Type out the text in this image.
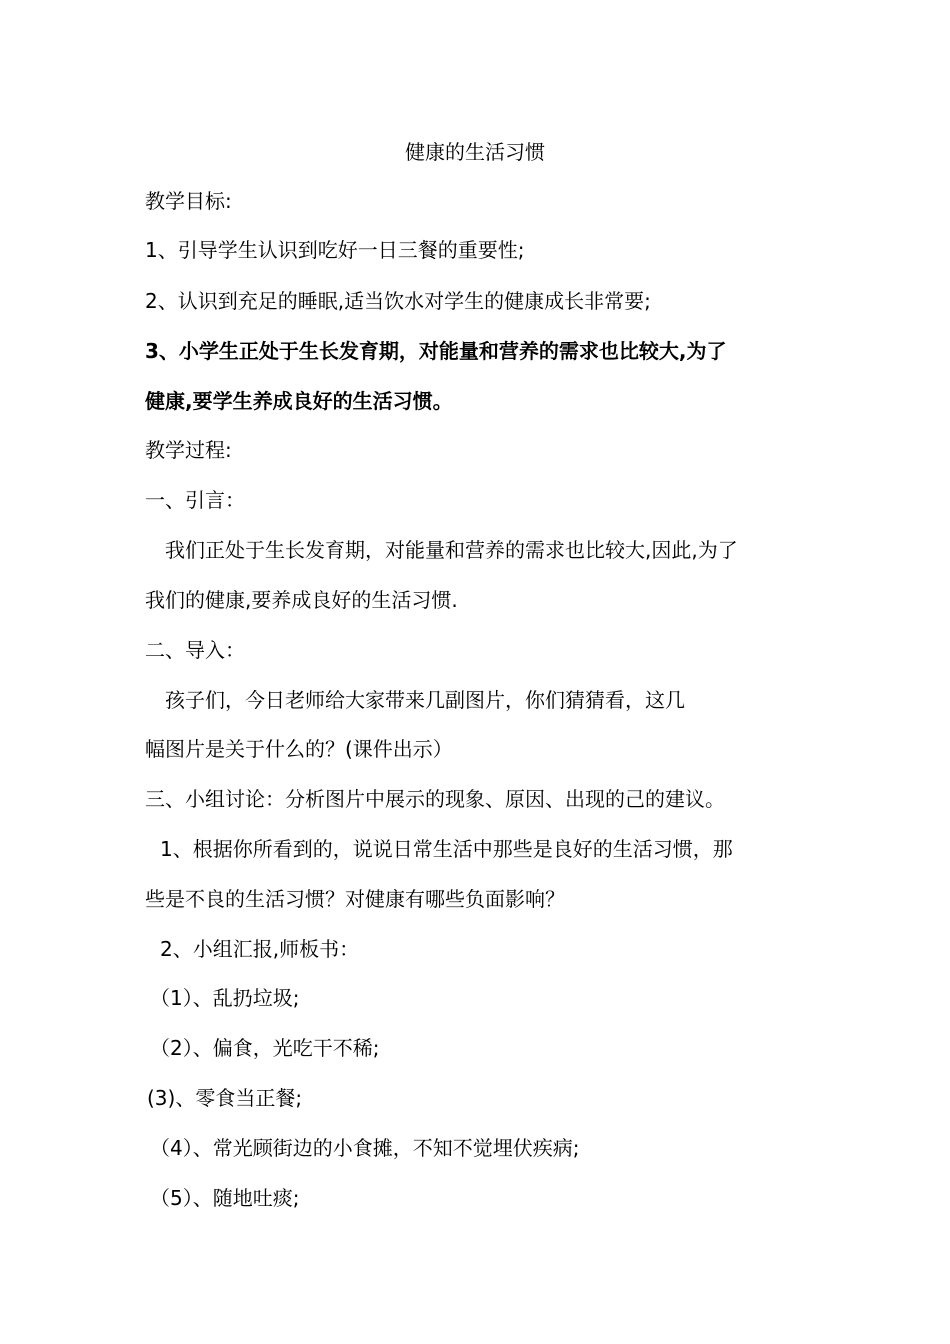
健康的生活习惯
教学目标:
1、引导学生认识到吃好一日三餐的重要性;
2、认识到充足的睡眠,适当饮水对学生的健康成长非常要;
3、小学生正处于生长发育期，对能量和营养的需求也比较大,为了
健康,要学生养成良好的生活习惯。
教学过程:
一、引言：
我们正处于生长发育期，对能量和营养的需求也比较大,因此,为了
我们的健康,要养成良好的生活习惯.
二、导入：
孩子们，今日老师给大家带来几副图片，你们猜猜看，这几
幅图片是关于什么的？(课件出示）
三、小组讨论：分析图片中展示的现象、原因、出现的己的建议。
1、根据你所看到的，说说日常生活中那些是良好的生活习惯，那
些是不良的生活习惯？对健康有哪些负面影响？
2、小组汇报,师板书：
（1）、乱扔垃圾;
（2）、偏食，光吃干不稀;
(3)、零食当正餐;
（4）、常光顾街边的小食摊，不知不觉埋伏疾病;
（5）、随地吐痰;
